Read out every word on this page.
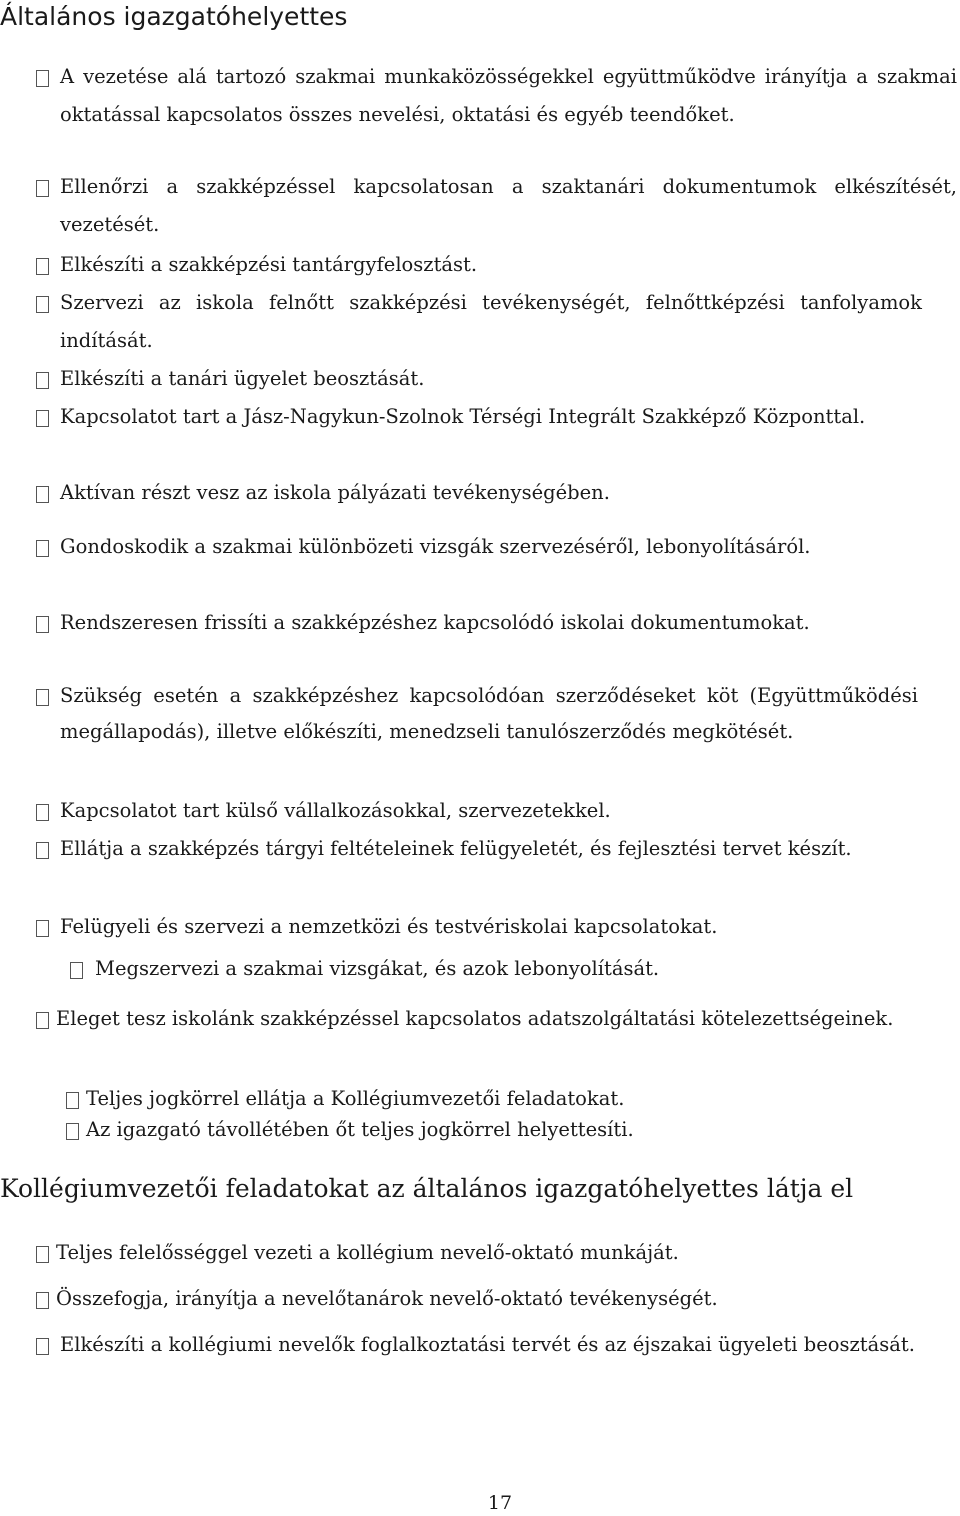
Általános igazgatóhelyettes
A vezetése alá tartozó szakmai munkaközösségekkel együttműködve irányítja a szakmai oktatással kapcsolatos összes nevelési, oktatási és egyéb teendőket.
Ellenőrzi a szakképzéssel kapcsolatosan a szaktanári dokumentumok elkészítését, vezetését.
Elkészíti a szakképzési tantárgyfelosztást.
Szervezi az iskola felnőtt szakképzési tevékenységét, felnőttképzési tanfolyamok indítását.
Elkészíti a tanári ügyelet beosztását.
Kapcsolatot tart a Jász-Nagykun-Szolnok Térségi Integrált Szakképző Központtal.
Aktívan részt vesz az iskola pályázati tevékenységében.
Gondoskodik a szakmai különbözeti vizsgák szervezéséről, lebonyolításáról.
Rendszeresen frissíti a szakképzéshez kapcsolódó iskolai dokumentumokat.
Szükség esetén a szakképzéshez kapcsolódóan szerződéseket köt (Együttműködési megállapodás), illetve előkészíti, menedzseli tanulószerződés megkötését.
Kapcsolatot tart külső vállalkozásokkal, szervezetekkel.
Ellátja a szakképzés tárgyi feltételeinek felügyeletét, és fejlesztési tervet készít.
Felügyeli és szervezi a nemzetközi és testvériskolai kapcsolatokat.
Megszervezi a szakmai vizsgákat, és azok lebonyolítását.
Eleget tesz iskolánk szakképzéssel kapcsolatos adatszolgáltatási kötelezettségeinek.
Teljes jogkörrel ellátja a Kollégiumvezetői feladatokat.
Az igazgató távollétében őt teljes jogkörrel helyettesíti.
Kollégiumvezetői feladatokat az általános igazgatóhelyettes látja el
Teljes felelősséggel vezeti a kollégium nevelő-oktató munkáját.
Összefogja, irányítja a nevelőtanárok nevelő-oktató tevékenységét.
Elkészíti a kollégiumi nevelők foglalkoztatási tervét és az éjszakai ügyeleti beosztását.
17
